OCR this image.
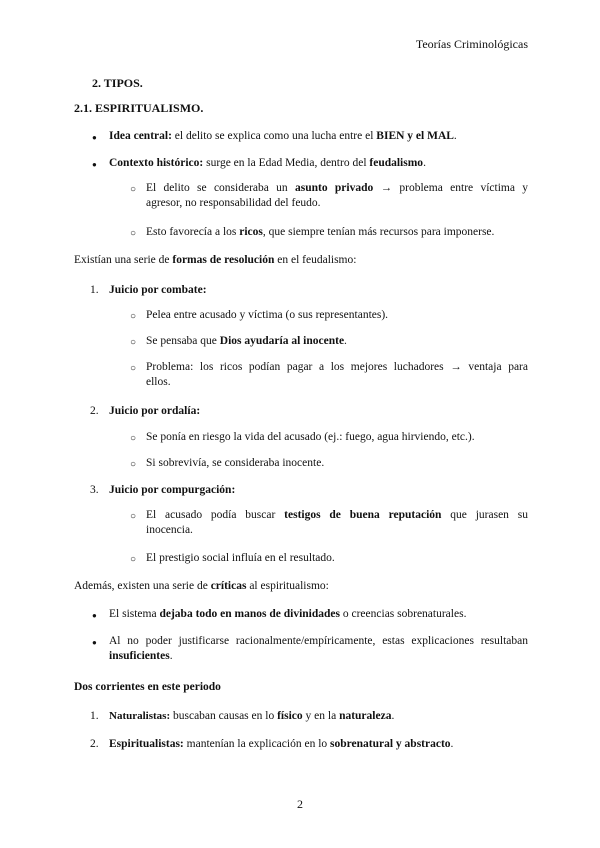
Teorías Criminológicas
2. TIPOS.
2.1. ESPIRITUALISMO.
● Idea central: el delito se explica como una lucha entre el BIEN y el MAL.
● Contexto histórico: surge en la Edad Media, dentro del feudalismo.
○ El delito se consideraba un asunto privado → problema entre víctima y
agresor, no responsabilidad del feudo.
○ Esto favorecía a los ricos, que siempre tenían más recursos para imponerse.
Existían una serie de formas de resolución en el feudalismo:
1. Juicio por combate:
○ Pelea entre acusado y víctima (o sus representantes).
○ Se pensaba que Dios ayudaría al inocente.
○ Problema: los ricos podían pagar a los mejores luchadores → ventaja para
ellos.
2. Juicio por ordalía:
○ Se ponía en riesgo la vida del acusado (ej.: fuego, agua hirviendo, etc.).
○ Si sobrevivía, se consideraba inocente.
3. Juicio por compurgación:
○ El acusado podía buscar testigos de buena reputación que jurasen su
inocencia.
○ El prestigio social influía en el resultado.
Además, existen una serie de críticas al espiritualismo:
● El sistema dejaba todo en manos de divinidades o creencias sobrenaturales.
● Al no poder justificarse racionalmente/empíricamente, estas explicaciones resultaban
insuficientes.
Dos corrientes en este periodo
1. Naturalistas: buscaban causas en lo físico y en la naturaleza.
2. Espiritualistas: mantenían la explicación en lo sobrenatural y abstracto.
2
